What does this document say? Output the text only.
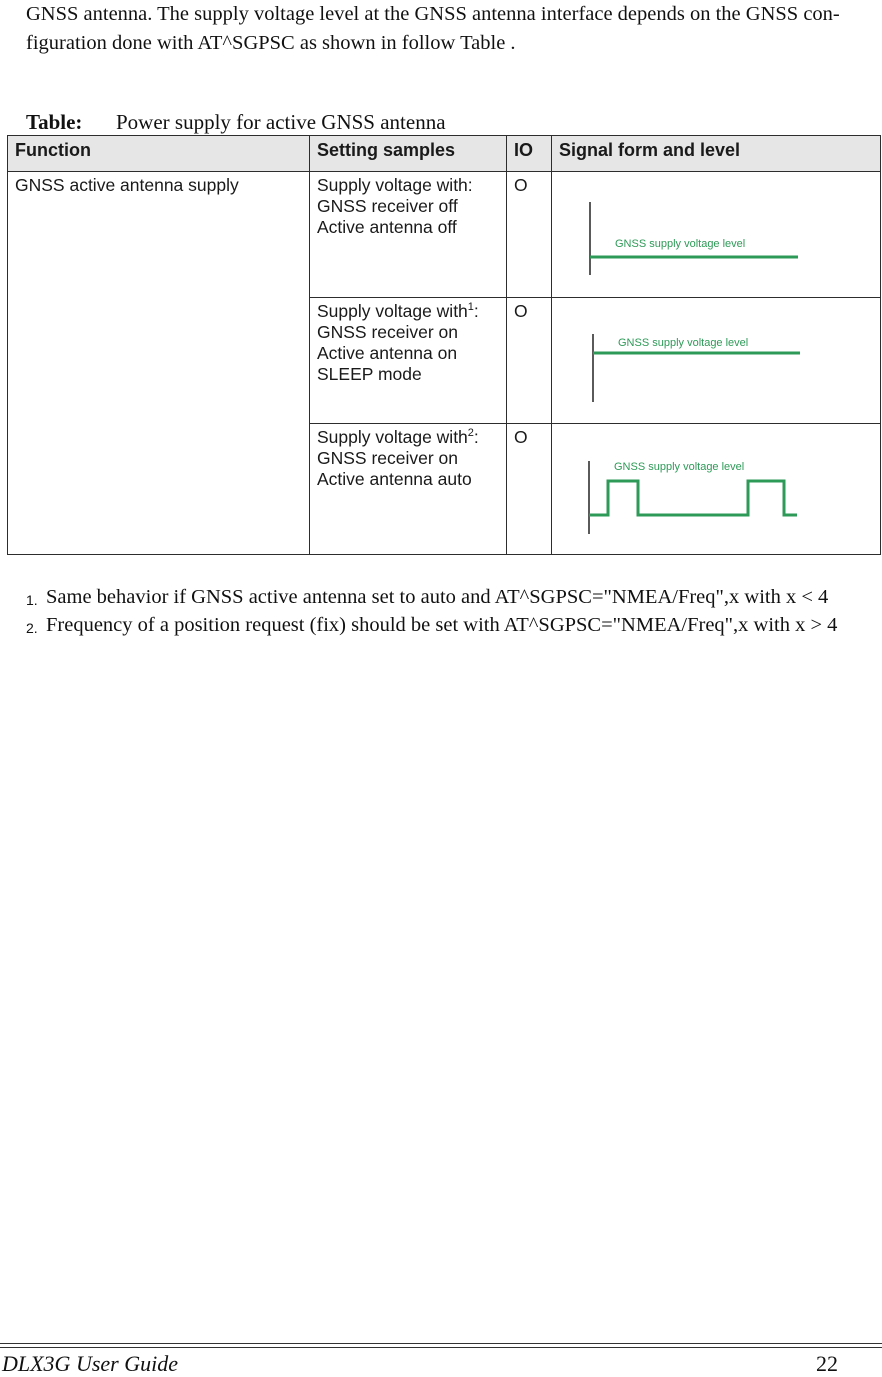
GNSS antenna. The supply voltage level at the GNSS antenna interface depends on the GNSS con-figuration done with AT^SGPSC as shown in follow Table .

Table: Power supply for active GNSS antenna
Function	Setting samples	IO	Signal form and level
GNSS active antenna supply	Supply voltage with:
GNSS receiver off
Active antenna off	O	GNSS supply voltage level

	Supply voltage with$^1$:
GNSS receiver on
Active antenna on
SLEEP mode	O	GNSS supply voltage level

	Supply voltage with$^2$:
GNSS receiver on
Active antenna auto	O	GNSS supply voltage level
1. Same behavior if GNSS active antenna set to auto and AT^SGPSC="NMEA/Freq",x with x < 4
2. Frequency of a position request (fix) should be set with AT^SGPSC="NMEA/Freq",x with x > 4
DLX3G User Guide	22
